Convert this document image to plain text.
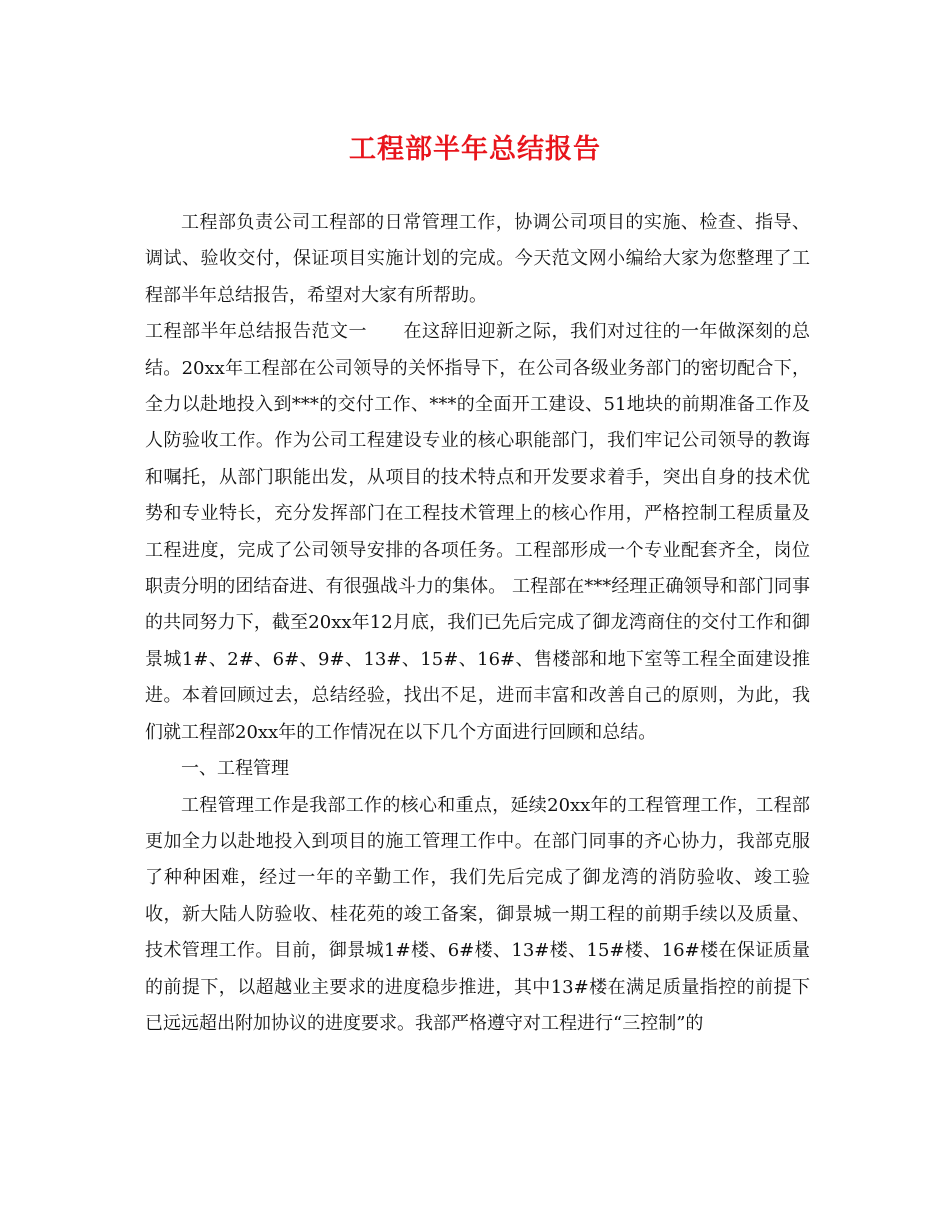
工程部半年总结报告

工程部负责公司工程部的日常管理工作，协调公司项目的实施、检查、指导、调试、验收交付，保证项目实施计划的完成。今天范文网小编给大家为您整理了工程部半年总结报告，希望对大家有所帮助。

工程部半年总结报告范文一 在这辞旧迎新之际，我们对过往的一年做深刻的总结。20xx年工程部在公司领导的关怀指导下，在公司各级业务部门的密切配合下，全力以赴地投入到***的交付工作、***的全面开工建设、51地块的前期准备工作及人防验收工作。作为公司工程建设专业的核心职能部门，我们牢记公司领导的教诲和嘱托，从部门职能出发，从项目的技术特点和开发要求着手，突出自身的技术优势和专业特长，充分发挥部门在工程技术管理上的核心作用，严格控制工程质量及工程进度，完成了公司领导安排的各项任务。工程部形成一个专业配套齐全，岗位职责分明的团结奋进、有很强战斗力的集体。 工程部在***经理正确领导和部门同事的共同努力下，截至20xx年12月底，我们已先后完成了御龙湾商住的交付工作和御景城1#、2#、6#、9#、13#、15#、16#、售楼部和地下室等工程全面建设推进。本着回顾过去，总结经验，找出不足，进而丰富和改善自己的原则，为此，我们就工程部20xx年的工作情况在以下几个方面进行回顾和总结。

一、工程管理

工程管理工作是我部工作的核心和重点，延续20xx年的工程管理工作，工程部更加全力以赴地投入到项目的施工管理工作中。在部门同事的齐心协力，我部克服了种种困难，经过一年的辛勤工作，我们先后完成了御龙湾的消防验收、竣工验收，新大陆人防验收、桂花苑的竣工备案，御景城一期工程的前期手续以及质量、技术管理工作。目前，御景城1#楼、6#楼、13#楼、15#楼、16#楼在保证质量的前提下，以超越业主要求的进度稳步推进，其中13#楼在满足质量指控的前提下已远远超出附加协议的进度要求。我部严格遵守对工程进行“三控制”的
